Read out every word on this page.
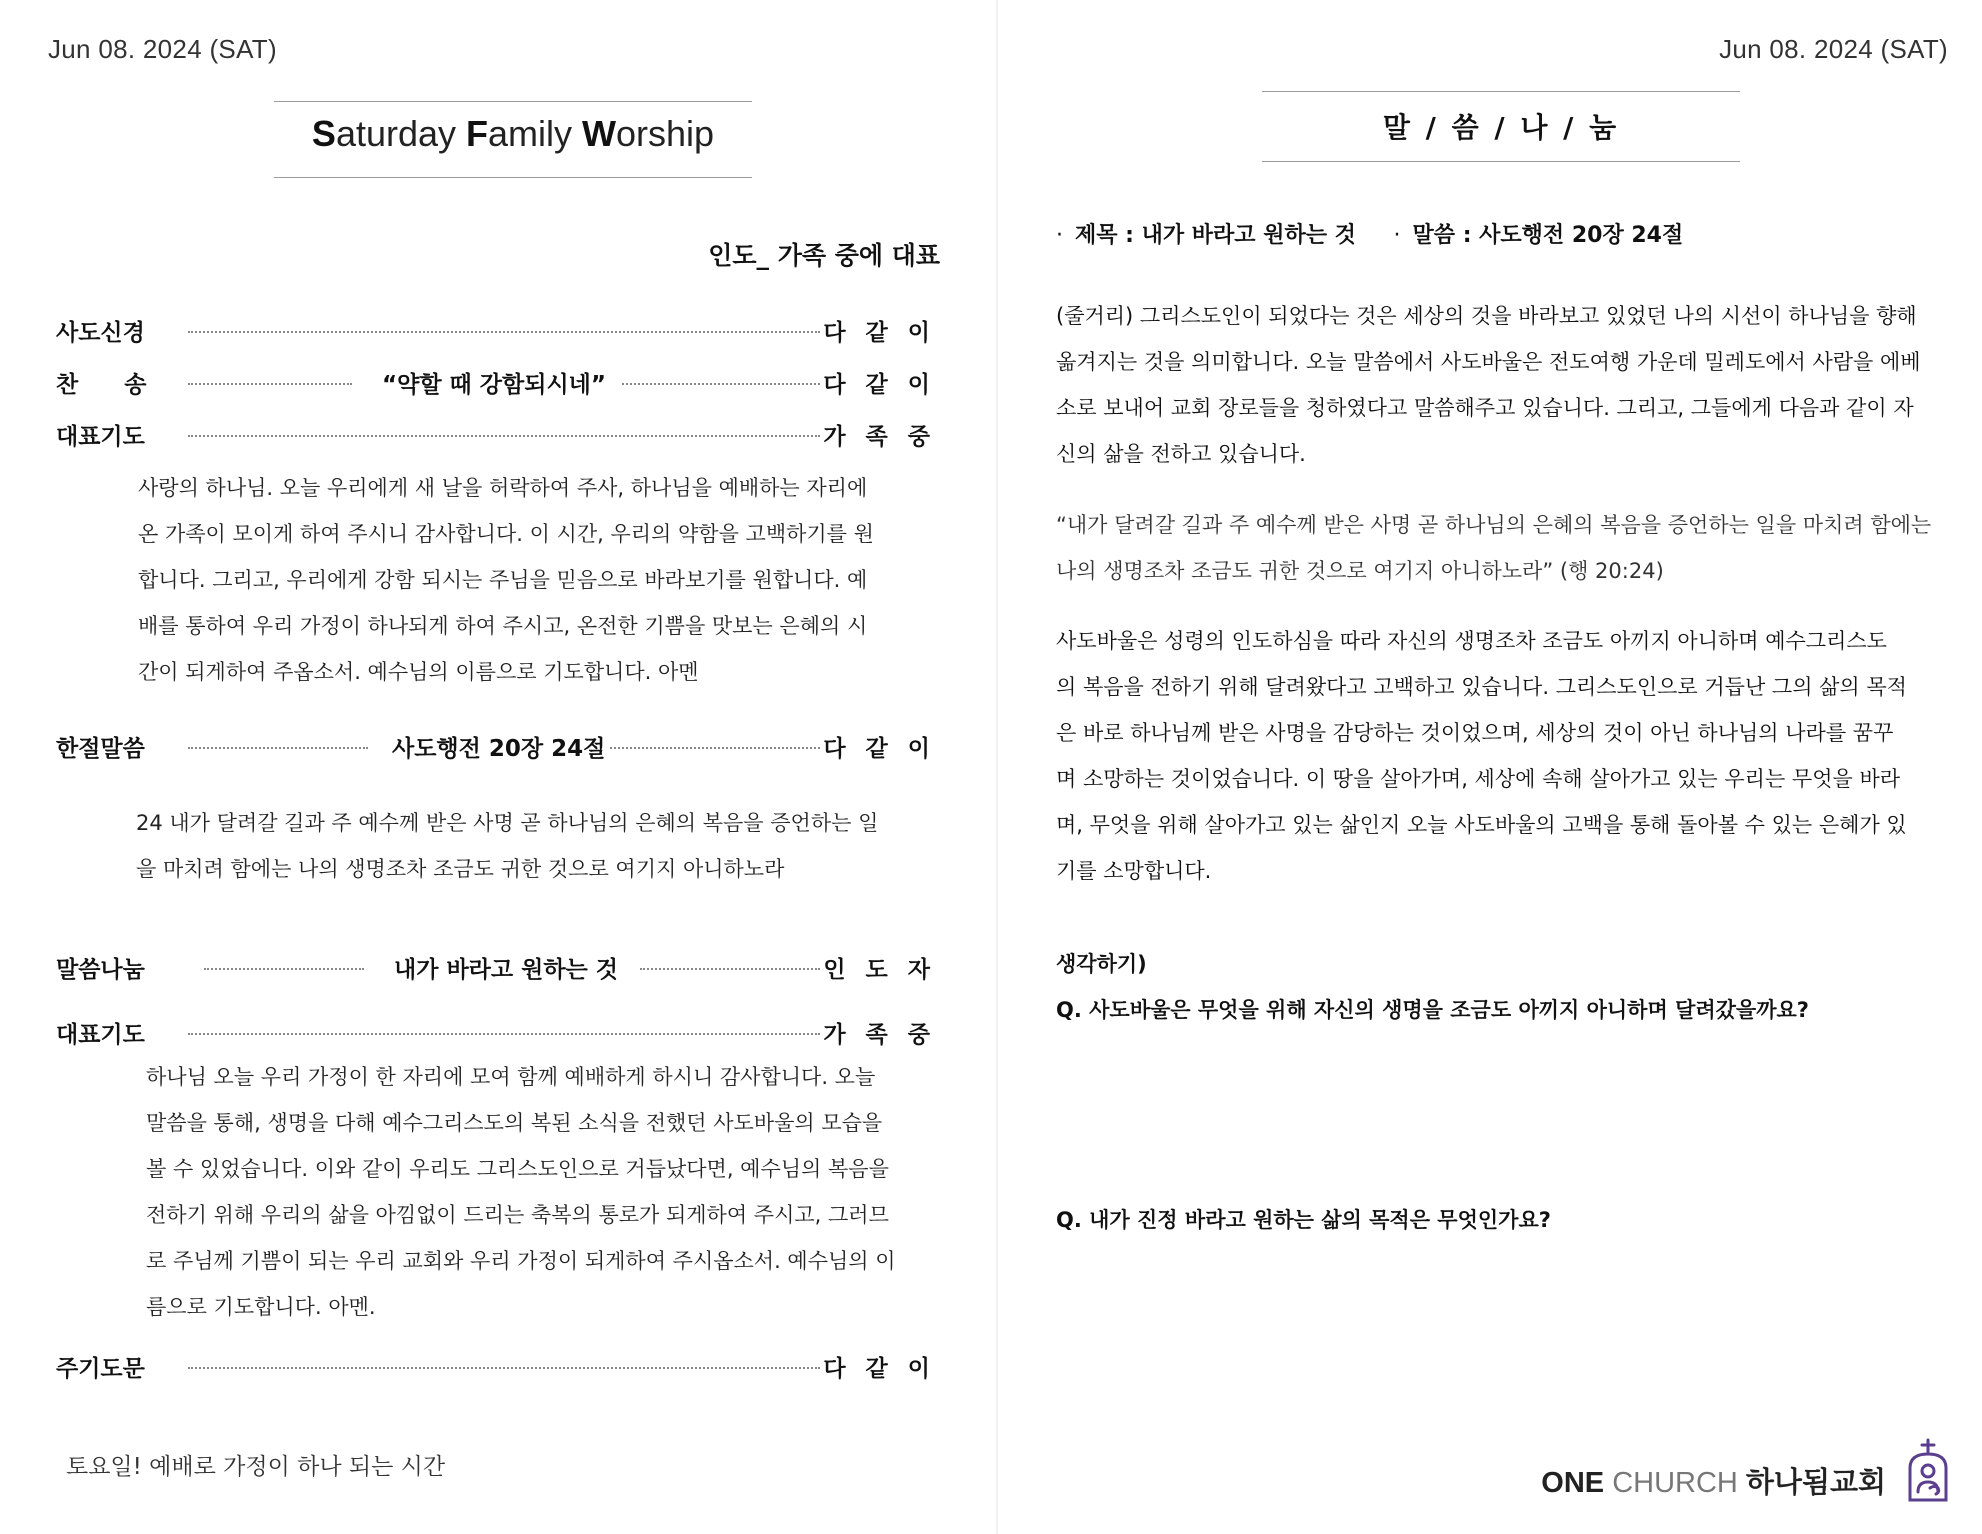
Jun 08. 2024 (SAT)
Saturday Family Worship
인도_ 가족 중에 대표
사도신경	다 같 이
찬　　송	“약할 때 강함되시네”	다 같 이
대표기도	가 족 중
사랑의 하나님. 오늘 우리에게 새 날을 허락하여 주사, 하나님을 예배하는 자리에
온 가족이 모이게 하여 주시니 감사합니다. 이 시간, 우리의 약함을 고백하기를 원
합니다. 그리고, 우리에게 강함 되시는 주님을 믿음으로 바라보기를 원합니다. 예
배를 통하여 우리 가정이 하나되게 하여 주시고, 온전한 기쁨을 맛보는 은혜의 시
간이 되게하여 주옵소서. 예수님의 이름으로 기도합니다. 아멘
한절말씀	사도행전 20장 24절	다 같 이
24 내가 달려갈 길과 주 예수께 받은 사명 곧 하나님의 은혜의 복음을 증언하는 일
을 마치려 함에는 나의 생명조차 조금도 귀한 것으로 여기지 아니하노라
말씀나눔	내가 바라고 원하는 것	인 도 자
대표기도	가 족 중
하나님 오늘 우리 가정이 한 자리에 모여 함께 예배하게 하시니 감사합니다. 오늘
말씀을 통해, 생명을 다해 예수그리스도의 복된 소식을 전했던 사도바울의 모습을
볼 수 있었습니다. 이와 같이 우리도 그리스도인으로 거듭났다면, 예수님의 복음을
전하기 위해 우리의 삶을 아낌없이 드리는 축복의 통로가 되게하여 주시고, 그러므
로 주님께 기쁨이 되는 우리 교회와 우리 가정이 되게하여 주시옵소서. 예수님의 이
름으로 기도합니다. 아멘.
주기도문	다 같 이
토요일! 예배로 가정이 하나 되는 시간
Jun 08. 2024 (SAT)
말 / 씀 / 나 / 눔
· 제목 : 내가 바라고 원하는 것 · 말씀 : 사도행전 20장 24절
(줄거리) 그리스도인이 되었다는 것은 세상의 것을 바라보고 있었던 나의 시선이 하나님을 향해
옮겨지는 것을 의미합니다. 오늘 말씀에서 사도바울은 전도여행 가운데 밀레도에서 사람을 에베
소로 보내어 교회 장로들을 청하였다고 말씀해주고 있습니다. 그리고, 그들에게 다음과 같이 자
신의 삶을 전하고 있습니다.
“내가 달려갈 길과 주 예수께 받은 사명 곧 하나님의 은혜의 복음을 증언하는 일을 마치려 함에는
나의 생명조차 조금도 귀한 것으로 여기지 아니하노라” (행 20:24)
사도바울은 성령의 인도하심을 따라 자신의 생명조차 조금도 아끼지 아니하며 예수그리스도
의 복음을 전하기 위해 달려왔다고 고백하고 있습니다. 그리스도인으로 거듭난 그의 삶의 목적
은 바로 하나님께 받은 사명을 감당하는 것이었으며, 세상의 것이 아닌 하나님의 나라를 꿈꾸
며 소망하는 것이었습니다. 이 땅을 살아가며, 세상에 속해 살아가고 있는 우리는 무엇을 바라
며, 무엇을 위해 살아가고 있는 삶인지 오늘 사도바울의 고백을 통해 돌아볼 수 있는 은혜가 있
기를 소망합니다.
생각하기)
Q. 사도바울은 무엇을 위해 자신의 생명을 조금도 아끼지 아니하며 달려갔을까요?
Q. 내가 진정 바라고 원하는 삶의 목적은 무엇인가요?
ONE CHURCH 하나됨교회
